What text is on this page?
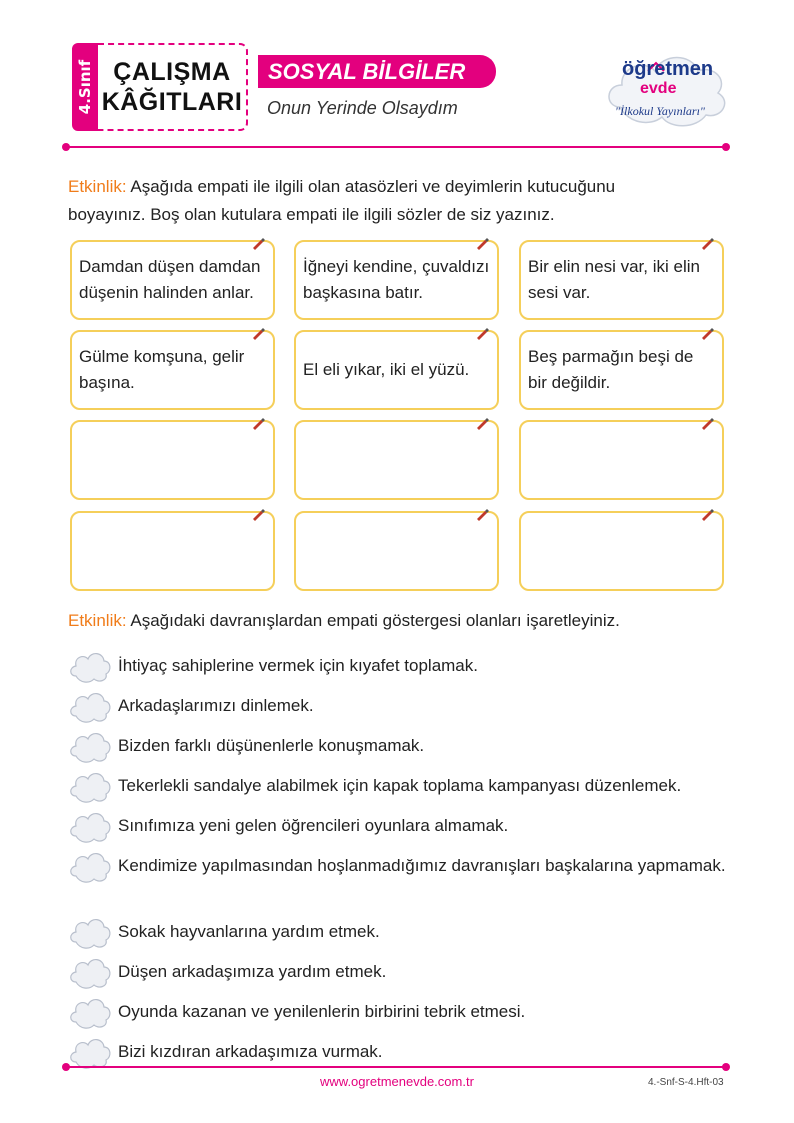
4.Sınıf ÇALIŞMA
KÂĞITLARI
SOSYAL BİLGİLER
Onun Yerinde Olsaydım
öğretmen
evde
"İlkokul Yayınları"
Etkinlik: Aşağıda empati ile ilgili olan atasözleri ve deyimlerin kutucuğunu
boyayınız. Boş olan kutulara empati ile ilgili sözler de siz yazınız.
Damdan düşen damdan düşenin halinden anlar.
İğneyi kendine, çuvaldızı başkasına batır.
Bir elin nesi var, iki elin sesi var.
Gülme komşuna, gelir başına.
El eli yıkar, iki el yüzü.
Beş parmağın beşi de bir değildir.
Etkinlik: Aşağıdaki davranışlardan empati göstergesi olanları işaretleyiniz.
İhtiyaç sahiplerine vermek için kıyafet toplamak.
Arkadaşlarımızı dinlemek.
Bizden farklı düşünenlerle konuşmamak.
Tekerlekli sandalye alabilmek için kapak toplama kampanyası düzenlemek.
Sınıfımıza yeni gelen öğrencileri oyunlara almamak.
Kendimize yapılmasından hoşlanmadığımız davranışları başkalarına yapmamak.
Sokak hayvanlarına yardım etmek.
Düşen arkadaşımıza yardım etmek.
Oyunda kazanan ve yenilenlerin birbirini tebrik etmesi.
Bizi kızdıran arkadaşımıza vurmak.
www.ogretmenevde.com.tr	4.-Snf-S-4.Hft-03
